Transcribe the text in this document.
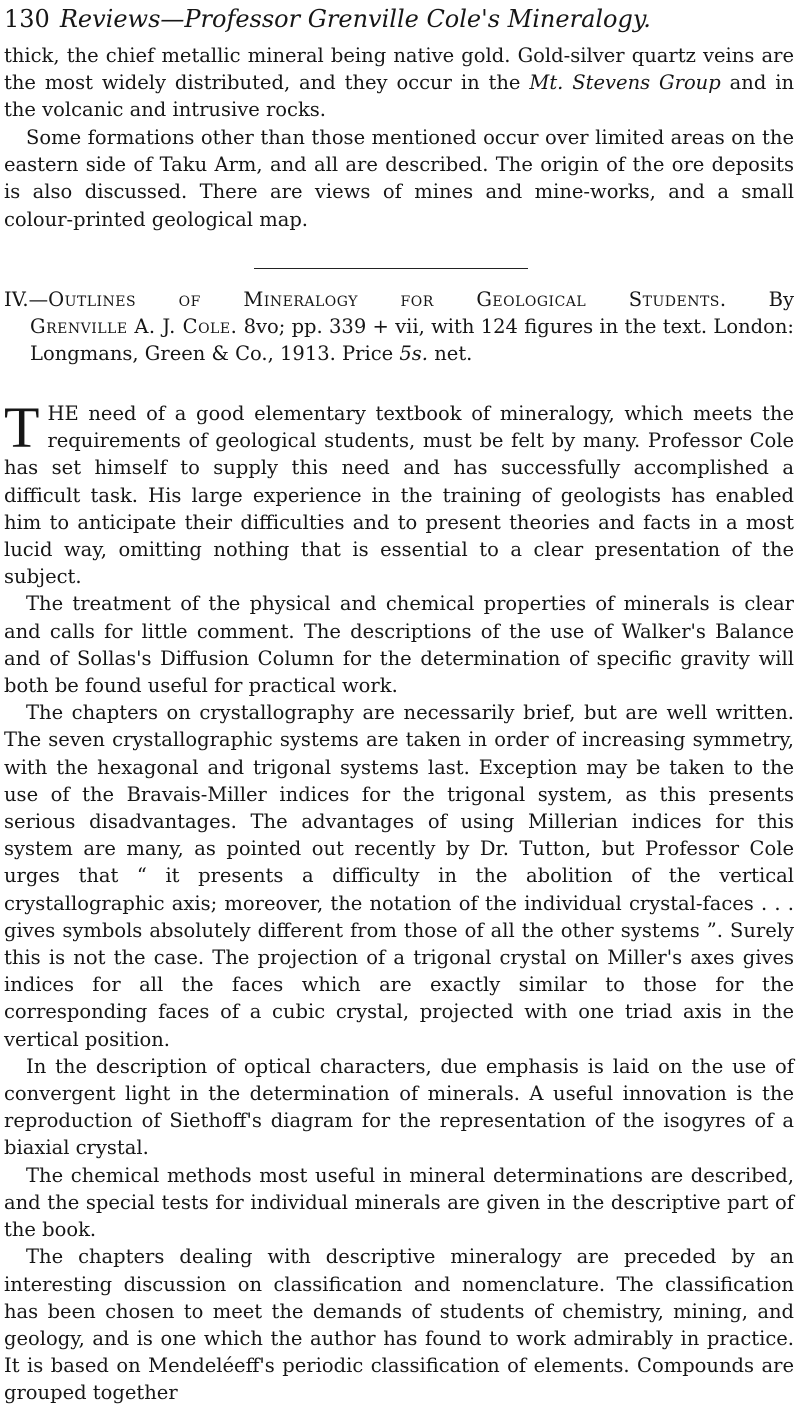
130 Reviews—Professor Grenville Cole's Mineralogy.

thick, the chief metallic mineral being native gold. Gold-silver quartz veins are the most widely distributed, and they occur in the Mt. Stevens Group and in the volcanic and intrusive rocks.

Some formations other than those mentioned occur over limited areas on the eastern side of Taku Arm, and all are described. The origin of the ore deposits is also discussed. There are views of mines and mine-works, and a small colour-printed geological map.

IV.—Outlines of Mineralogy for Geological Students. By
Grenville A. J. Cole. 8vo; pp. 339 + vii, with 124 figures in the text. London: Longmans, Green & Co., 1913. Price 5s. net.

THE need of a good elementary textbook of mineralogy, which meets the requirements of geological students, must be felt by many. Professor Cole has set himself to supply this need and has successfully accomplished a difficult task. His large experience in the training of geologists has enabled him to anticipate their difficulties and to present theories and facts in a most lucid way, omitting nothing that is essential to a clear presentation of the subject.

The treatment of the physical and chemical properties of minerals is clear and calls for little comment. The descriptions of the use of Walker's Balance and of Sollas's Diffusion Column for the determination of specific gravity will both be found useful for practical work.

The chapters on crystallography are necessarily brief, but are well written. The seven crystallographic systems are taken in order of increasing symmetry, with the hexagonal and trigonal systems last. Exception may be taken to the use of the Bravais-Miller indices for the trigonal system, as this presents serious disadvantages. The advantages of using Millerian indices for this system are many, as pointed out recently by Dr. Tutton, but Professor Cole urges that “ it presents a difficulty in the abolition of the vertical crystallographic axis; moreover, the notation of the individual crystal-faces . . . gives symbols absolutely different from those of all the other systems ”. Surely this is not the case. The projection of a trigonal crystal on Miller's axes gives indices for all the faces which are exactly similar to those for the corresponding faces of a cubic crystal, projected with one triad axis in the vertical position.

In the description of optical characters, due emphasis is laid on the use of convergent light in the determination of minerals. A useful innovation is the reproduction of Siethoff's diagram for the representation of the isogyres of a biaxial crystal.

The chemical methods most useful in mineral determinations are described, and the special tests for individual minerals are given in the descriptive part of the book.

The chapters dealing with descriptive mineralogy are preceded by an interesting discussion on classification and nomenclature. The classification has been chosen to meet the demands of students of chemistry, mining, and geology, and is one which the author has found to work admirably in practice. It is based on Mendeléeff's periodic classification of elements. Compounds are grouped together
